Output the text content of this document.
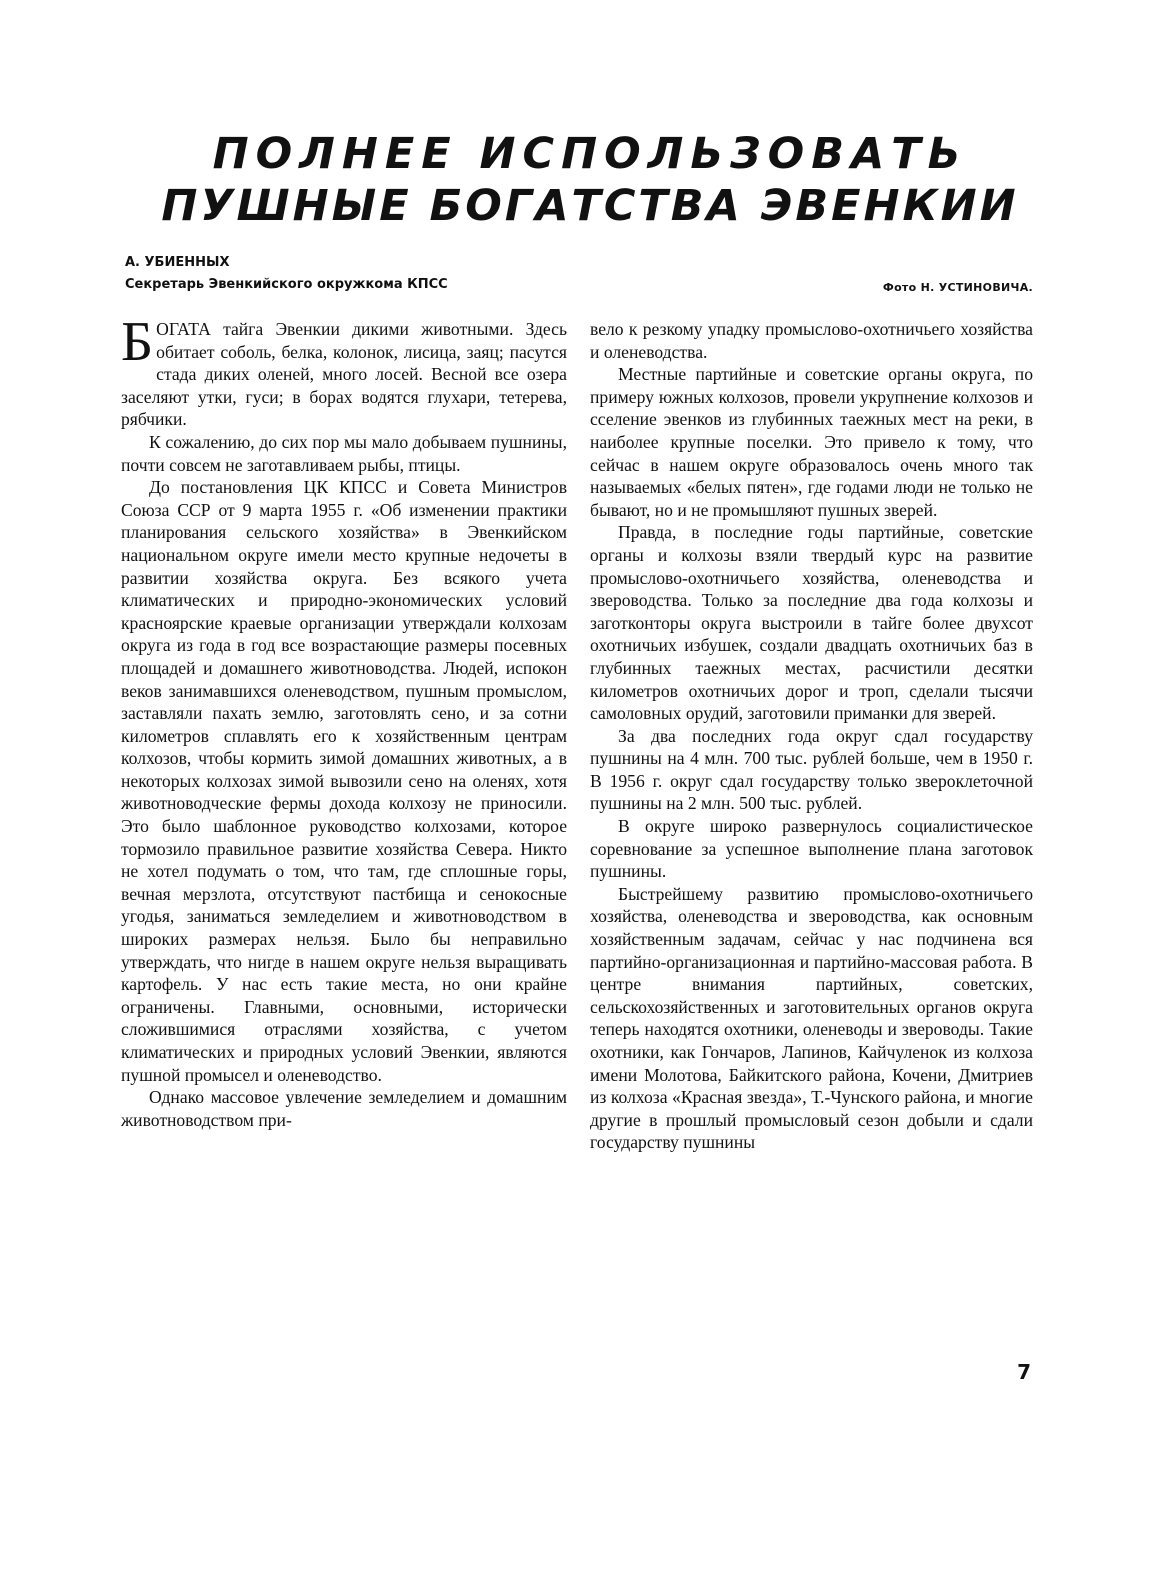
ПОЛНЕЕ ИСПОЛЬЗОВАТЬ
ПУШНЫЕ БОГАТСТВА ЭВЕНКИИ
А. УБИЕННЫХ
Секретарь Эвенкийского окружкома КПСС	Фото Н. УСТИНОВИЧА.

БОГАТА тайга Эвенкии дикими животными. Здесь обитает соболь, белка, колонок, лисица, заяц; пасутся стада диких оленей, много лосей. Весной все озера заселяют утки, гуси; в борах водятся глухари, тетерева, рябчики.

К сожалению, до сих пор мы мало добываем пушнины, почти совсем не заготавливаем рыбы, птицы.

До постановления ЦК КПСС и Совета Министров Союза ССР от 9 марта 1955 г. «Об изменении практики планирования сельского хозяйства» в Эвенкийском национальном округе имели место крупные недочеты в развитии хозяйства округа. Без всякого учета климатических и природно-экономических условий красноярские краевые организации утверждали колхозам округа из года в год все возрастающие размеры посевных площадей и домашнего животноводства. Людей, испокон веков занимавшихся оленеводством, пушным промыслом, заставляли пахать землю, заготовлять сено, и за сотни километров сплавлять его к хозяйственным центрам колхозов, чтобы кормить зимой домашних животных, а в некоторых колхозах зимой вывозили сено на оленях, хотя животноводческие фермы дохода колхозу не приносили. Это было шаблонное руководство колхозами, которое тормозило правильное развитие хозяйства Севера. Никто не хотел подумать о том, что там, где сплошные горы, вечная мерзлота, отсутствуют пастбища и сенокосные угодья, заниматься земледелием и животноводством в широких размерах нельзя. Было бы неправильно утверждать, что нигде в нашем округе нельзя выращивать картофель. У нас есть такие места, но они крайне ограничены. Главными, основными, исторически сложившимися отраслями хозяйства, с учетом климатических и природных условий Эвенкии, являются пушной промысел и оленеводство.

Однако массовое увлечение земледелием и домашним животноводством при-

вело к резкому упадку промыслово-охотничьего хозяйства и оленеводства.

Местные партийные и советские органы округа, по примеру южных колхозов, провели укрупнение колхозов и сселение эвенков из глубинных таежных мест на реки, в наиболее крупные поселки. Это привело к тому, что сейчас в нашем округе образовалось очень много так называемых «белых пятен», где годами люди не только не бывают, но и не промышляют пушных зверей.

Правда, в последние годы партийные, советские органы и колхозы взяли твердый курс на развитие промыслово-охотничьего хозяйства, оленеводства и звероводства. Только за последние два года колхозы и заготконторы округа выстроили в тайге более двухсот охотничьих избушек, создали двадцать охотничьих баз в глубинных таежных местах, расчистили десятки километров охотничьих дорог и троп, сделали тысячи самоловных орудий, заготовили приманки для зверей.

За два последних года округ сдал государству пушнины на 4 млн. 700 тыс. рублей больше, чем в 1950 г. В 1956 г. округ сдал государству только звероклеточной пушнины на 2 млн. 500 тыс. рублей.

В округе широко развернулось социалистическое соревнование за успешное выполнение плана заготовок пушнины.

Быстрейшему развитию промыслово-охотничьего хозяйства, оленеводства и звероводства, как основным хозяйственным задачам, сейчас у нас подчинена вся партийно-организационная и партийно-массовая работа. В центре внимания партийных, советских, сельскохозяйственных и заготовительных органов округа теперь находятся охотники, оленеводы и звероводы. Такие охотники, как Гончаров, Лапинов, Кайчуленок из колхоза имени Молотова, Байкитского района, Кочени, Дмитриев из колхоза «Красная звезда», Т.-Чунского района, и многие другие в прошлый промысловый сезон добыли и сдали государству пушнины

7
